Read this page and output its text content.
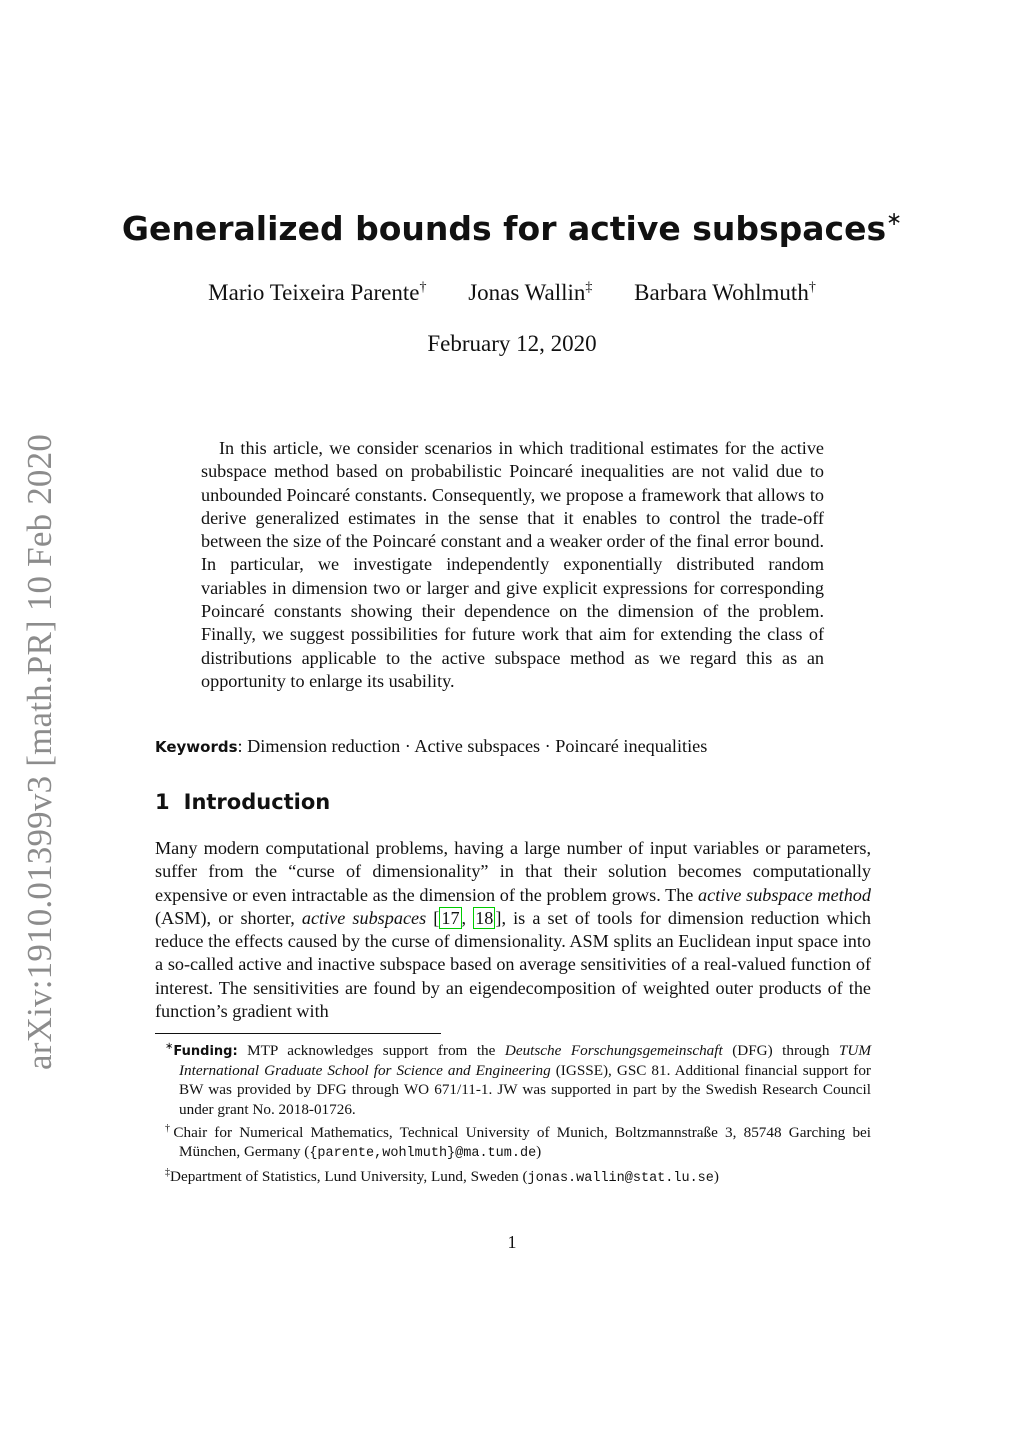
arXiv:1910.01399v3 [math.PR] 10 Feb 2020
Generalized bounds for active subspaces∗
Mario Teixeira Parente† Jonas Wallin‡ Barbara Wohlmuth†
February 12, 2020

In this article, we consider scenarios in which traditional estimates for the active subspace method based on probabilistic Poincaré inequalities are not valid due to unbounded Poincaré constants. Consequently, we propose a framework that allows to derive generalized estimates in the sense that it enables to control the trade-off between the size of the Poincaré constant and a weaker order of the final error bound. In particular, we investigate independently exponentially distributed random variables in dimension two or larger and give explicit expressions for corresponding Poincaré constants showing their dependence on the dimension of the problem. Finally, we suggest possibilities for future work that aim for extending the class of distributions applicable to the active subspace method as we regard this as an opportunity to enlarge its usability.

Keywords: Dimension reduction · Active subspaces · Poincaré inequalities
1 Introduction

Many modern computational problems, having a large number of input variables or parameters, suffer from the “curse of dimensionality” in that their solution becomes computationally expensive or even intractable as the dimension of the problem grows. The active subspace method (ASM), or shorter, active subspaces [ 17 , 18 ], is a set of tools for dimension reduction which reduce the effects caused by the curse of dimensionality. ASM splits an Euclidean input space into a so-called active and inactive subspace based on average sensitivities of a real-valued function of interest. The sensitivities are found by an eigendecomposition of weighted outer products of the function’s gradient with

∗Funding: MTP acknowledges support from the Deutsche Forschungsgemeinschaft (DFG) through TUM International Graduate School for Science and Engineering (IGSSE), GSC 81. Additional financial support for BW was provided by DFG through WO 671/11-1. JW was supported in part by the Swedish Research Council under grant No. 2018-01726.

†Chair for Numerical Mathematics, Technical University of Munich, Boltzmannstraße 3, 85748 Garching bei München, Germany ({parente,wohlmuth}@ma.tum.de)

‡Department of Statistics, Lund University, Lund, Sweden (jonas.wallin@stat.lu.se)

1
